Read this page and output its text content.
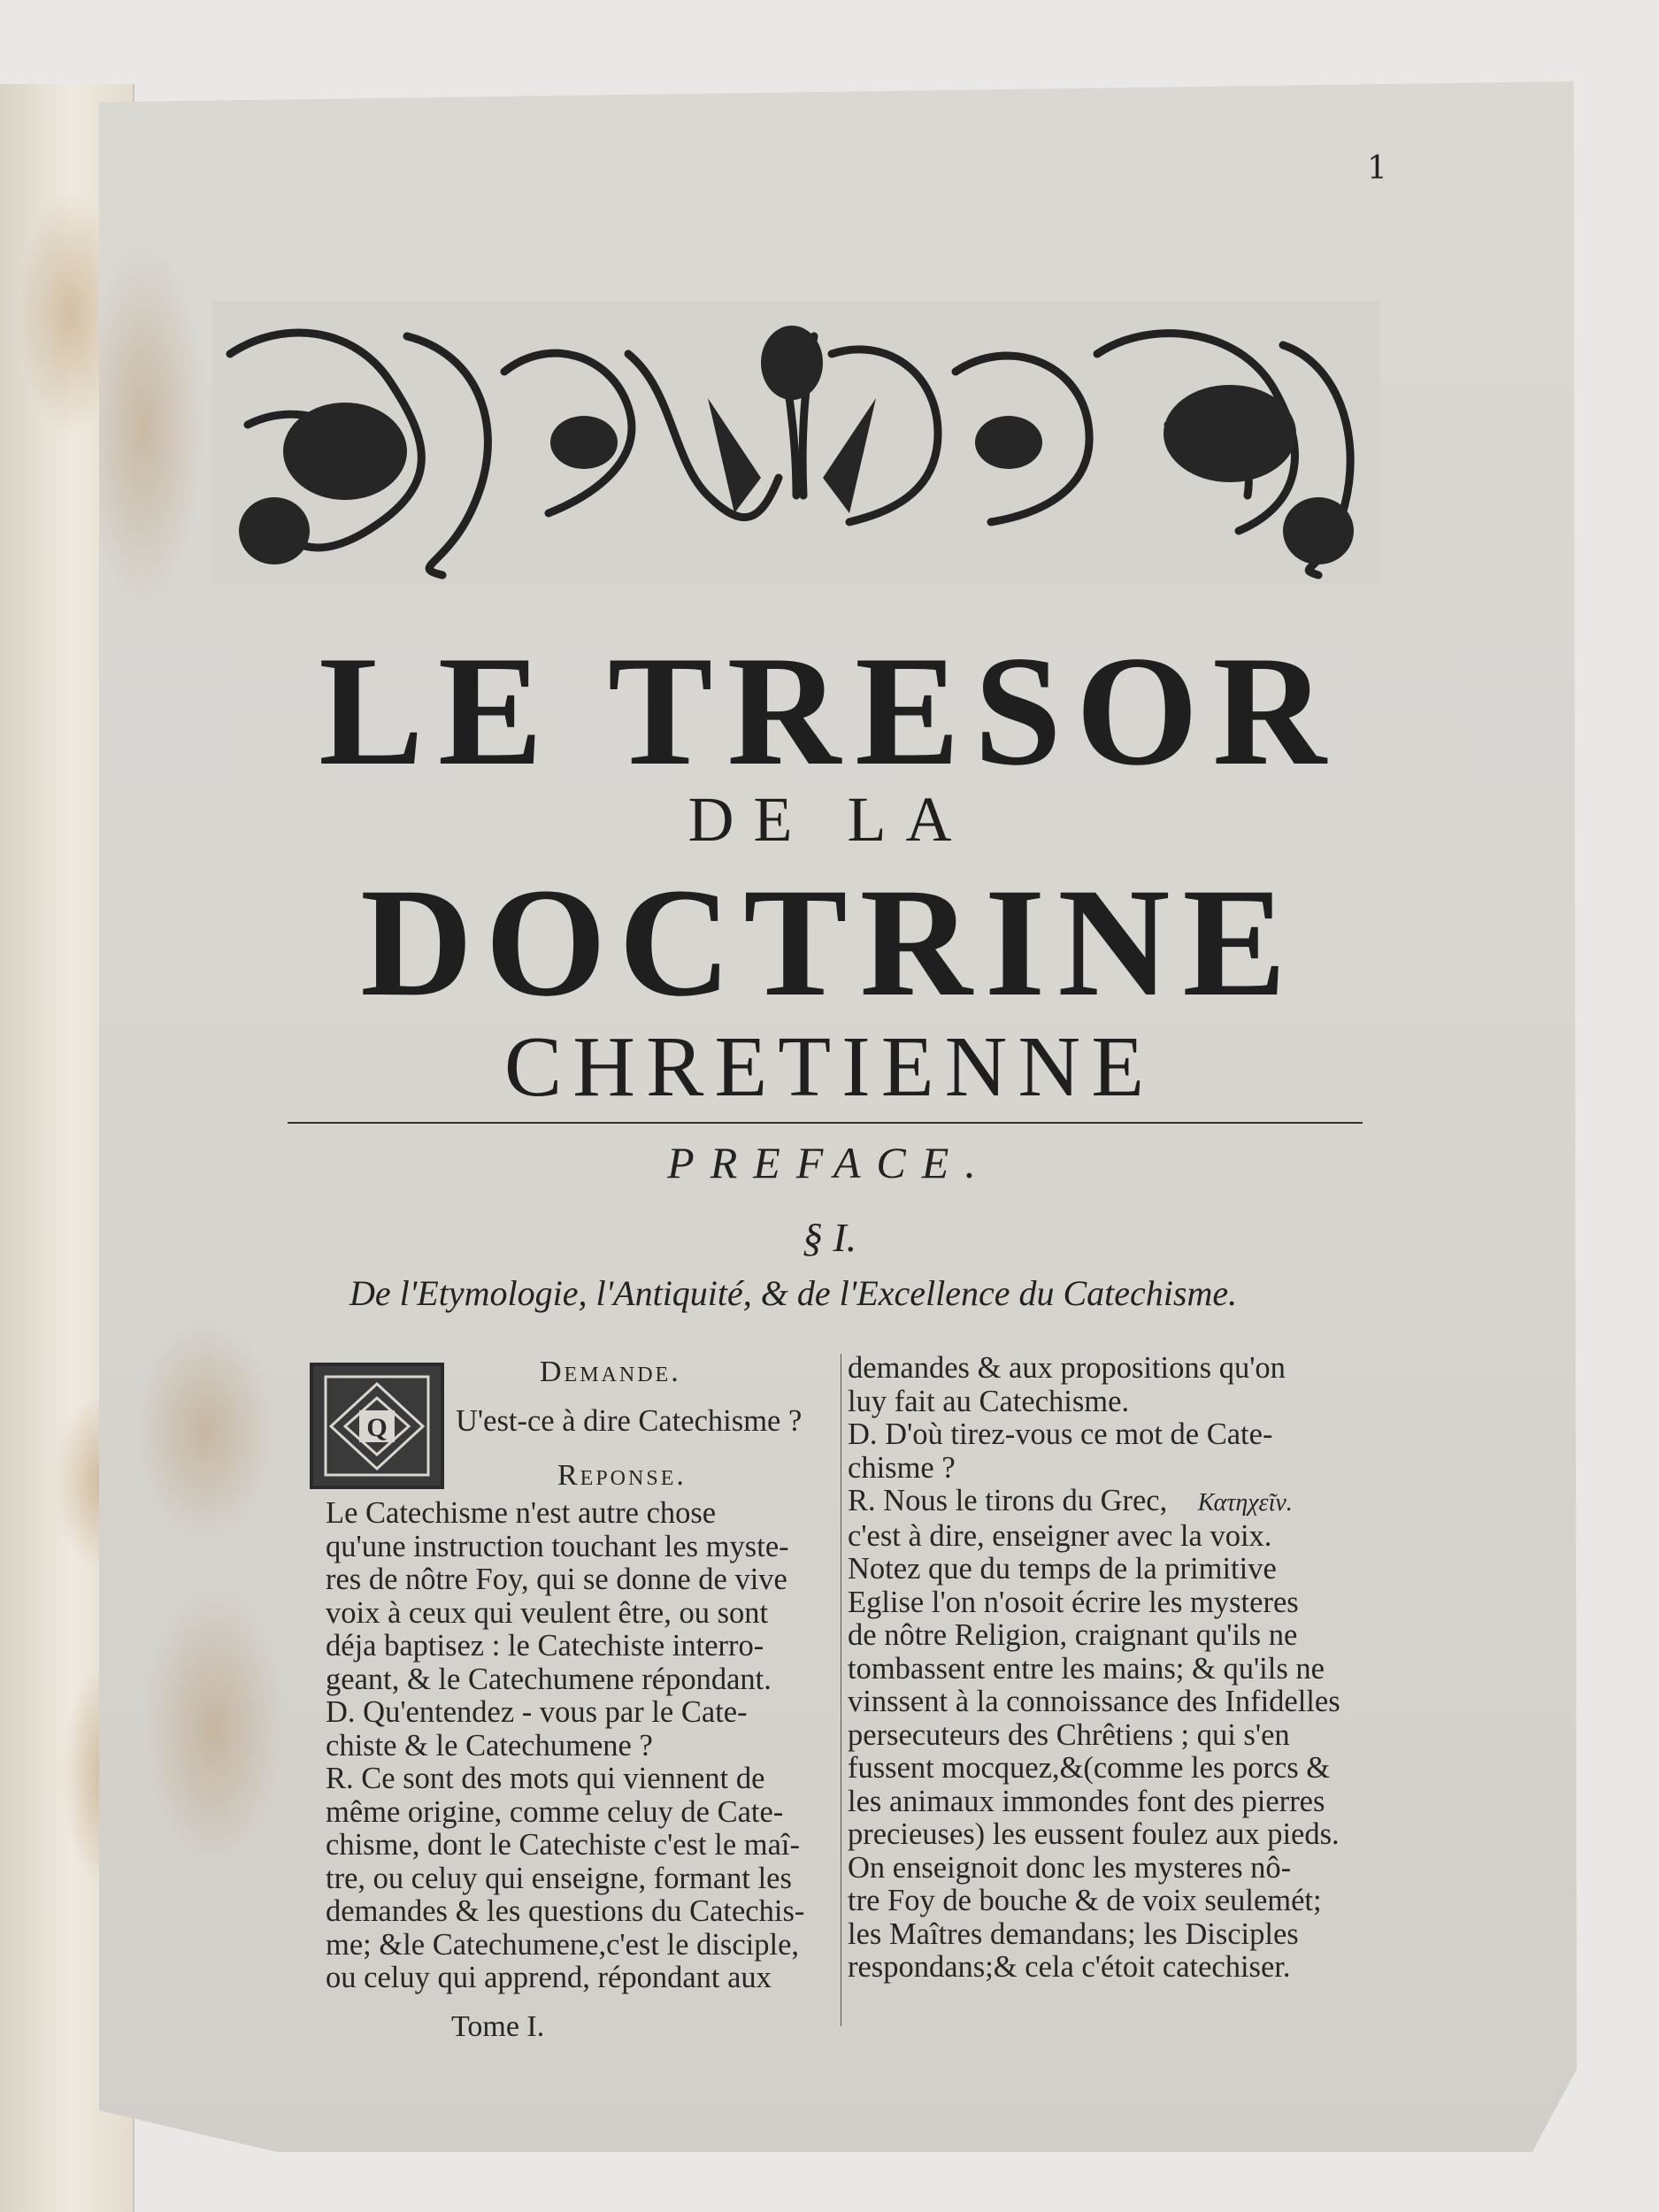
1
LE TRESOR
DE LA
DOCTRINE
CHRETIENNE
PREFACE.
§ I.
De l'Etymologie, l'Antiquité, & de l'Excellence du Catechisme.
Q
Demande.
U'est-ce à dire Catechisme ?
Reponse.
Le Catechisme n'est autre chose
qu'une instruction touchant les myste-
res de nôtre Foy, qui se donne de vive
voix à ceux qui veulent être, ou sont
déja baptisez : le Catechiste interro-
geant, & le Catechumene répondant.
D. Qu'entendez - vous par le Cate-
chiste & le Catechumene ?
R. Ce sont des mots qui viennent de
même origine, comme celuy de Cate-
chisme, dont le Catechiste c'est le maî-
tre, ou celuy qui enseigne, formant les
demandes & les questions du Catechis-
me; &le Catechumene,c'est le disciple,
ou celuy qui apprend, répondant aux
demandes & aux propositions qu'on
luy fait au Catechisme.
D. D'où tirez-vous ce mot de Cate-
chisme ?
R. Nous le tirons du Grec, Κατηχεῖν.
c'est à dire, enseigner avec la voix.
Notez que du temps de la primitive
Eglise l'on n'osoit écrire les mysteres
de nôtre Religion, craignant qu'ils ne
tombassent entre les mains; & qu'ils ne
vinssent à la connoissance des Infidelles
persecuteurs des Chrêtiens ; qui s'en
fussent mocquez,&(comme les porcs &
les animaux immondes font des pierres
precieuses) les eussent foulez aux pieds.
On enseignoit donc les mysteres nô-
tre Foy de bouche & de voix seulemét;
les Maîtres demandans; les Disciples
respondans;& cela c'étoit catechiser.
Tome I.
